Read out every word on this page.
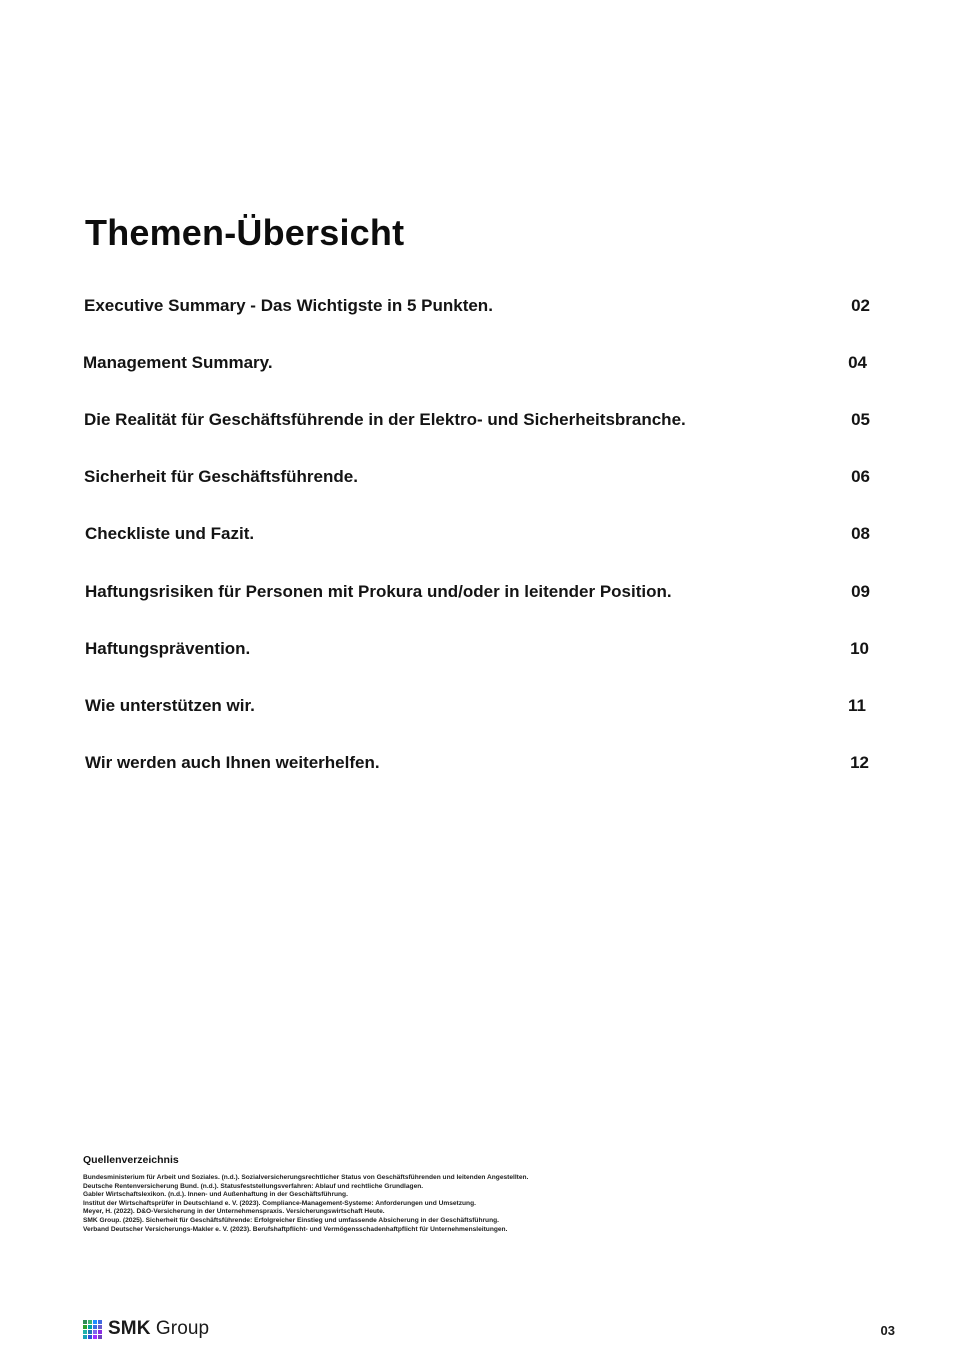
Themen-Übersicht
Executive Summary - Das Wichtigste in 5 Punkten.	02
Management Summary.	04
Die Realität für Geschäftsführende in der Elektro- und Sicherheitsbranche.	05
Sicherheit für Geschäftsführende.	06
Checkliste und Fazit.	08
Haftungsrisiken für Personen mit Prokura und/oder in leitender Position.	09
Haftungsprävention.	10
Wie unterstützen wir.	11
Wir werden auch Ihnen weiterhelfen.	12
Quellenverzeichnis
Bundesministerium für Arbeit und Soziales. (n.d.). Sozialversicherungsrechtlicher Status von Geschäftsführenden und leitenden Angestellten.
Deutsche Rentenversicherung Bund. (n.d.). Statusfeststellungsverfahren: Ablauf und rechtliche Grundlagen.
Gabler Wirtschaftslexikon. (n.d.). Innen- und Außenhaftung in der Geschäftsführung.
Institut der Wirtschaftsprüfer in Deutschland e. V. (2023). Compliance-Management-Systeme: Anforderungen und Umsetzung.
Meyer, H. (2022). D&O-Versicherung in der Unternehmenspraxis. Versicherungswirtschaft Heute.
SMK Group. (2025). Sicherheit für Geschäftsführende: Erfolgreicher Einstieg und umfassende Absicherung in der Geschäftsführung.
Verband Deutscher Versicherungs-Makler e. V. (2023). Berufshaftpflicht- und Vermögensschadenhaftpflicht für Unternehmensleitungen.
SMK Group	03
